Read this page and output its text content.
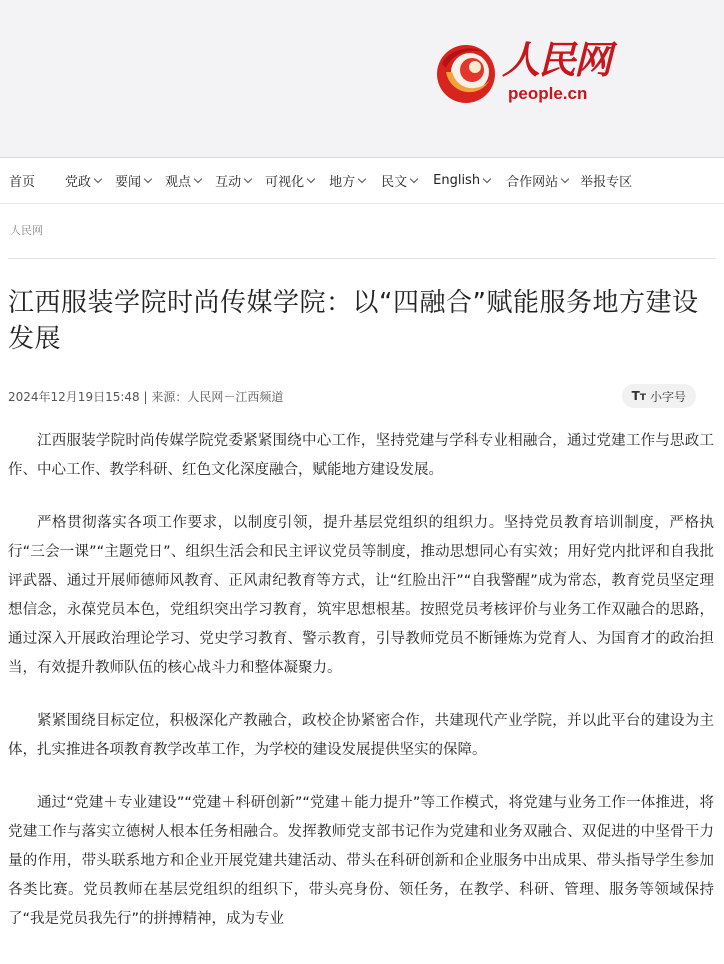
人民网
people.cn
首页 党政 要闻 观点 互动 可视化 地方 民文 English 合作网站 举报专区
人民网
江西服装学院时尚传媒学院：以“四融合”赋能服务地方建设发展
2024年12月19日15:48 | 来源：人民网－江西频道	TT 小字号

江西服装学院时尚传媒学院党委紧紧围绕中心工作，坚持党建与学科专业相融合，通过党建工作与思政工作、中心工作、教学科研、红色文化深度融合，赋能地方建设发展。

严格贯彻落实各项工作要求，以制度引领，提升基层党组织的组织力。坚持党员教育培训制度，严格执行“三会一课”“主题党日”、组织生活会和民主评议党员等制度，推动思想同心有实效；用好党内批评和自我批评武器、通过开展师德师风教育、正风肃纪教育等方式，让“红脸出汗”“自我警醒”成为常态，教育党员坚定理想信念，永葆党员本色，党组织突出学习教育，筑牢思想根基。按照党员考核评价与业务工作双融合的思路，通过深入开展政治理论学习、党史学习教育、警示教育，引导教师党员不断锤炼为党育人、为国育才的政治担当，有效提升教师队伍的核心战斗力和整体凝聚力。

紧紧围绕目标定位，积极深化产教融合，政校企协紧密合作，共建现代产业学院，并以此平台的建设为主体，扎实推进各项教育教学改革工作，为学校的建设发展提供坚实的保障。

通过“党建＋专业建设”“党建＋科研创新”“党建＋能力提升”等工作模式，将党建与业务工作一体推进，将党建工作与落实立德树人根本任务相融合。发挥教师党支部书记作为党建和业务双融合、双促进的中坚骨干力量的作用，带头联系地方和企业开展党建共建活动、带头在科研创新和企业服务中出成果、带头指导学生参加各类比赛。党员教师在基层党组织的组织下，带头亮身份、领任务，在教学、科研、管理、服务等领域保持了“我是党员我先行”的拼搏精神，成为专业
